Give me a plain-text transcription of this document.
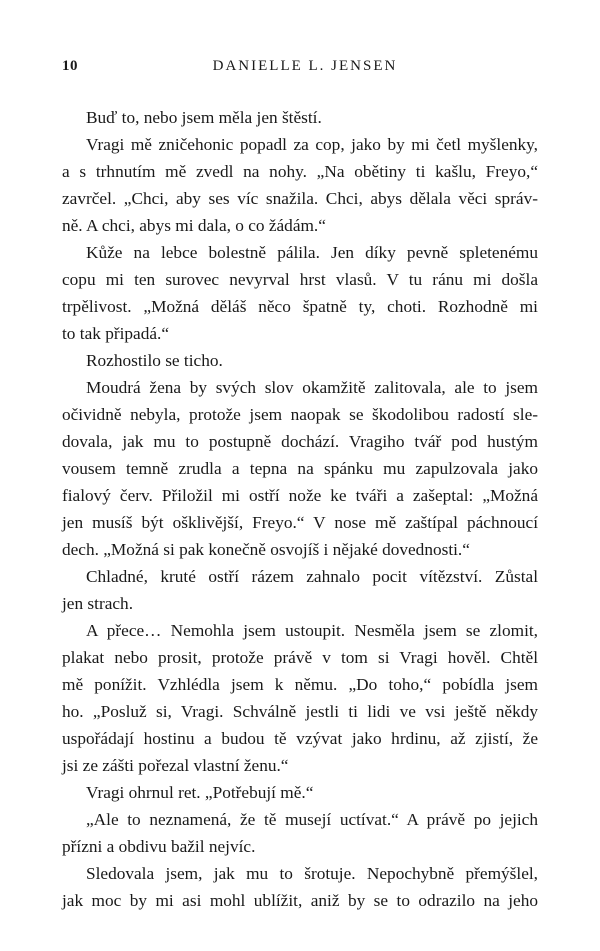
10	DANIELLE L. JENSEN
Buď to, nebo jsem měla jen štěstí.
Vragi mě zničehonic popadl za cop, jako by mi četl myšlenky,
a s trhnutím mě zvedl na nohy. „Na obětiny ti kašlu, Freyo,“
zavrčel. „Chci, aby ses víc snažila. Chci, abys dělala věci správ-
ně. A chci, abys mi dala, o co žádám.“
Kůže na lebce bolestně pálila. Jen díky pevně spletenému
copu mi ten surovec nevyrval hrst vlasů. V tu ránu mi došla
trpělivost. „Možná děláš něco špatně ty, choti. Rozhodně mi
to tak připadá.“
Rozhostilo se ticho.
Moudrá žena by svých slov okamžitě zalitovala, ale to jsem
očividně nebyla, protože jsem naopak se škodolibou radostí sle-
dovala, jak mu to postupně dochází. Vragiho tvář pod hustým
vousem temně zrudla a tepna na spánku mu zapulzovala jako
fialový červ. Přiložil mi ostří nože ke tváři a zašeptal: „Možná
jen musíš být ošklivější, Freyo.“ V nose mě zaštípal páchnoucí
dech. „Možná si pak konečně osvojíš i nějaké dovednosti.“
Chladné, kruté ostří rázem zahnalo pocit vítězství. Zůstal
jen strach.
A přece… Nemohla jsem ustoupit. Nesměla jsem se zlomit,
plakat nebo prosit, protože právě v tom si Vragi hověl. Chtěl
mě ponížit. Vzhlédla jsem k němu. „Do toho,“ pobídla jsem
ho. „Posluž si, Vragi. Schválně jestli ti lidi ve vsi ještě někdy
uspořádají hostinu a budou tě vzývat jako hrdinu, až zjistí, že
jsi ze zášti pořezal vlastní ženu.“
Vragi ohrnul ret. „Potřebují mě.“
„Ale to neznamená, že tě musejí uctívat.“ A právě po jejich
přízni a obdivu bažil nejvíc.
Sledovala jsem, jak mu to šrotuje. Nepochybně přemýšlel,
jak moc by mi asi mohl ublížit, aniž by se to odrazilo na jeho
